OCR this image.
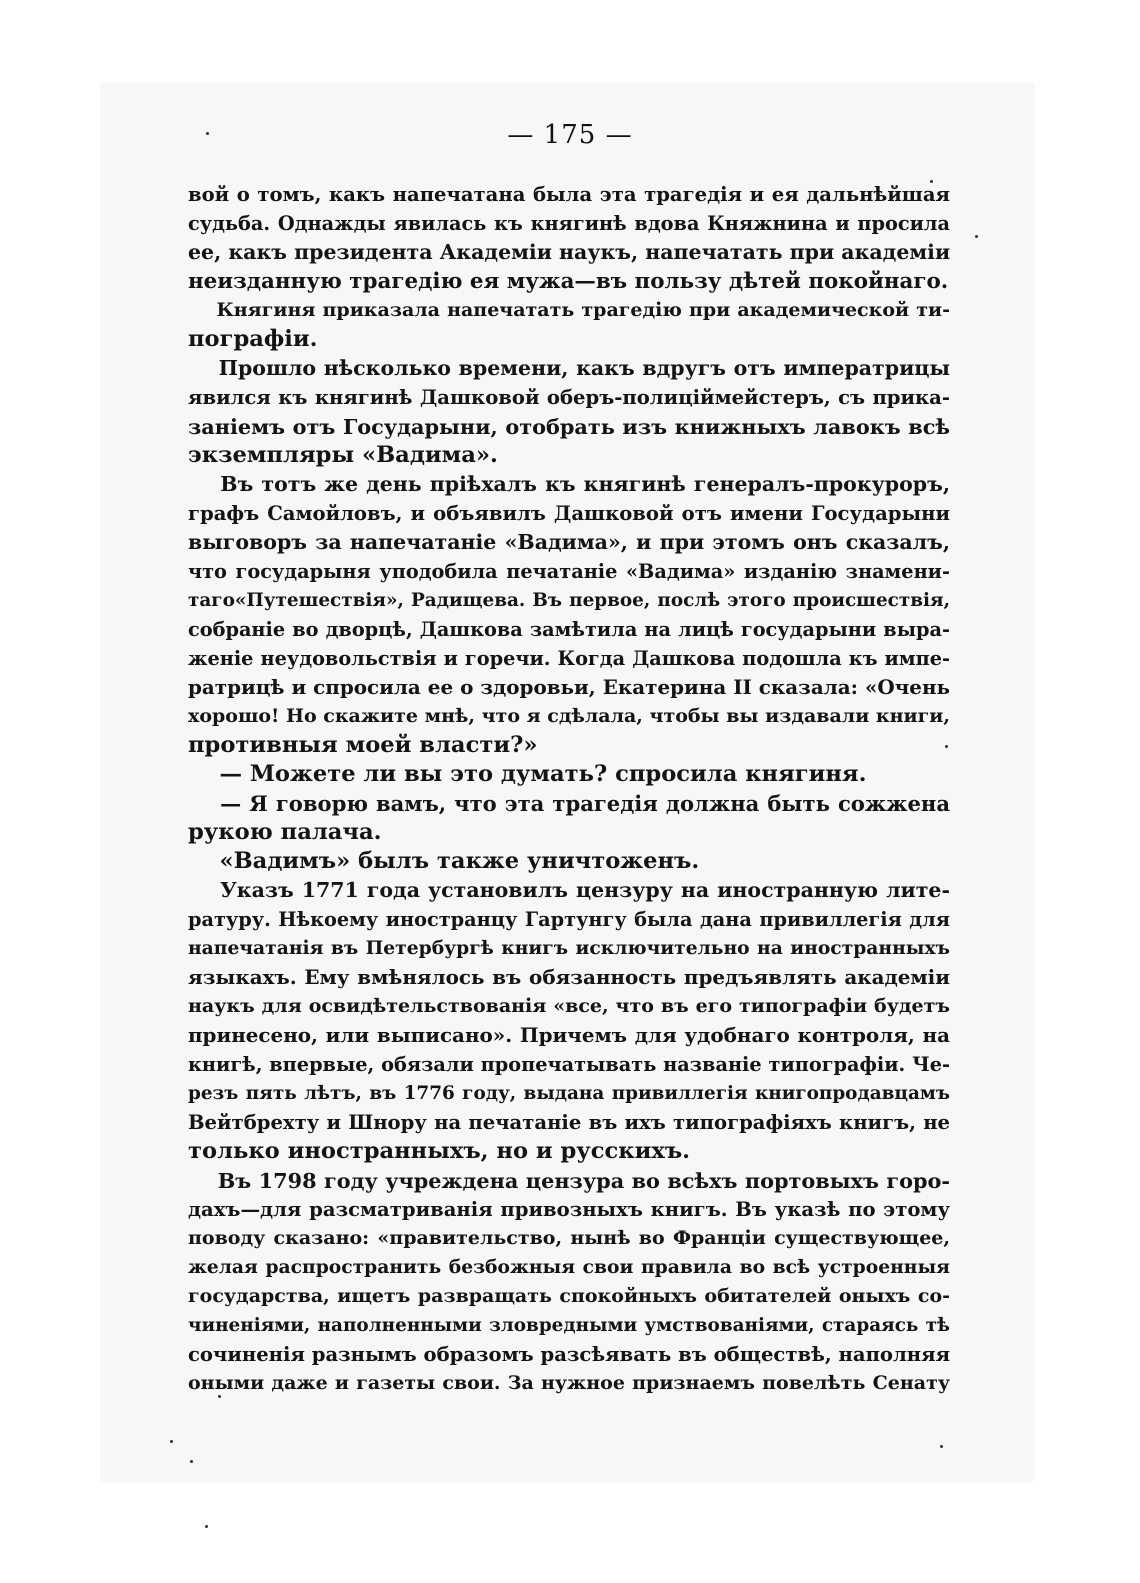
— 175 —
вой о томъ, какъ напечатана была эта трагедія и ея дальнѣйшая
судьба. Однажды явилась къ княгинѣ вдова Княжнина и просила
ее, какъ президента Академіи наукъ, напечатать при академіи
неизданную трагедію ея мужа—въ пользу дѣтей покойнаго.
Княгиня приказала напечатать трагедію при академической ти-
пографіи.
Прошло нѣсколько времени, какъ вдругъ отъ императрицы
явился къ княгинѣ Дашковой оберъ-полиціймейстеръ, съ прика-
заніемъ отъ Государыни, отобрать изъ книжныхъ лавокъ всѣ
экземпляры «Вадима».
Въ тотъ же день пріѣхалъ къ княгинѣ генералъ-прокуроръ,
графъ Самойловъ, и объявилъ Дашковой отъ имени Государыни
выговоръ за напечатаніе «Вадима», и при этомъ онъ сказалъ,
что государыня уподобила печатаніе «Вадима» изданію знамени-
таго«Путешествія», Радищева. Въ первое, послѣ этого происшествія,
собраніе во дворцѣ, Дашкова замѣтила на лицѣ государыни выра-
женіе неудовольствія и горечи. Когда Дашкова подошла къ импе-
ратрицѣ и спросила ее о здоровьи, Екатерина II сказала: «Очень
хорошо! Но скажите мнѣ, что я сдѣлала, чтобы вы издавали книги,
противныя моей власти?»
— Можете ли вы это думать? спросила княгиня.
— Я говорю вамъ, что эта трагедія должна быть сожжена
рукою палача.
«Вадимъ» былъ также уничтоженъ.
Указъ 1771 года установилъ цензуру на иностранную лите-
ратуру. Нѣкоему иностранцу Гартунгу была дана привиллегія для
напечатанія въ Петербургѣ книгъ исключительно на иностранныхъ
языкахъ. Ему вмѣнялось въ обязанность предъявлять академіи
наукъ для освидѣтельствованія «все, что въ его типографіи будетъ
принесено, или выписано». Причемъ для удобнаго контроля, на
книгѣ, впервые, обязали пропечатывать названіе типографіи. Че-
резъ пять лѣтъ, въ 1776 году, выдана привиллегія книгопродавцамъ
Вейтбрехту и Шнору на печатаніе въ ихъ типографіяхъ книгъ, не
только иностранныхъ, но и русскихъ.
Въ 1798 году учреждена цензура во всѣхъ портовыхъ горо-
дахъ—для разсматриванія привозныхъ книгъ. Въ указѣ по этому
поводу сказано: «правительство, нынѣ во Франціи существующее,
желая распространить безбожныя свои правила во всѣ устроенныя
государства, ищетъ развращать спокойныхъ обитателей оныхъ со-
чиненіями, наполненными зловредными умствованіями, стараясь тѣ
сочиненія разнымъ образомъ разсѣявать въ обществѣ, наполняя
оными даже и газеты свои. За нужное признаемъ повелѣть Сенату
